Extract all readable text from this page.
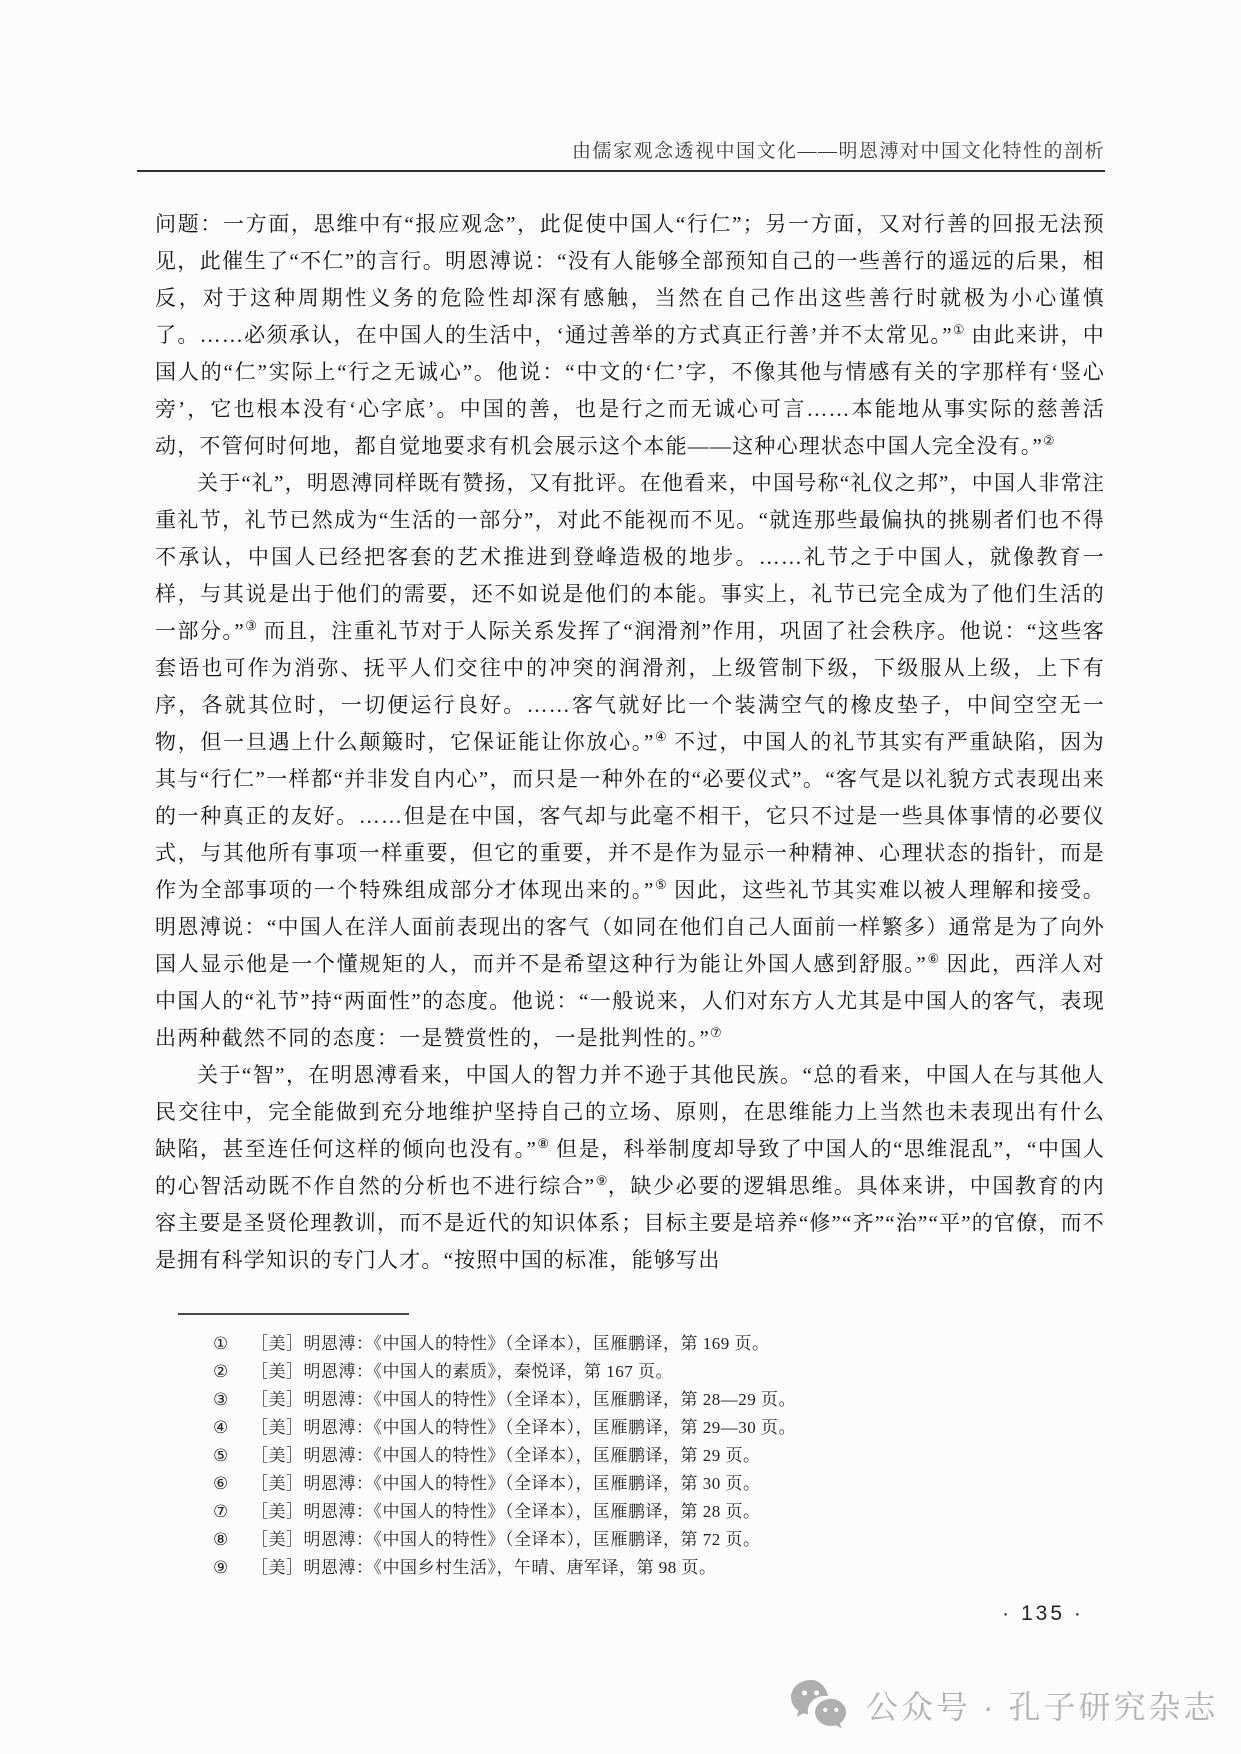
由儒家观念透视中国文化——明恩溥对中国文化特性的剖析

问题：一方面，思维中有“报应观念”，此促使中国人“行仁”；另一方面，又对行善的回报无法预见，此催生了“不仁”的言行。明恩溥说：“没有人能够全部预知自己的一些善行的遥远的后果，相反，对于这种周期性义务的危险性却深有感触，当然在自己作出这些善行时就极为小心谨慎了。……必须承认，在中国人的生活中，‘通过善举的方式真正行善’并不太常见。”① 由此来讲，中国人的“仁”实际上“行之无诚心”。他说：“中文的‘仁’字，不像其他与情感有关的字那样有‘竖心旁’，它也根本没有‘心字底’。中国的善，也是行之而无诚心可言……本能地从事实际的慈善活动，不管何时何地，都自觉地要求有机会展示这个本能——这种心理状态中国人完全没有。”②

关于“礼”，明恩溥同样既有赞扬，又有批评。在他看来，中国号称“礼仪之邦”，中国人非常注重礼节，礼节已然成为“生活的一部分”，对此不能视而不见。“就连那些最偏执的挑剔者们也不得不承认，中国人已经把客套的艺术推进到登峰造极的地步。……礼节之于中国人，就像教育一样，与其说是出于他们的需要，还不如说是他们的本能。事实上，礼节已完全成为了他们生活的一部分。”③ 而且，注重礼节对于人际关系发挥了“润滑剂”作用，巩固了社会秩序。他说：“这些客套语也可作为消弥、抚平人们交往中的冲突的润滑剂，上级管制下级，下级服从上级，上下有序，各就其位时，一切便运行良好。……客气就好比一个装满空气的橡皮垫子，中间空空无一物，但一旦遇上什么颠簸时，它保证能让你放心。”④ 不过，中国人的礼节其实有严重缺陷，因为其与“行仁”一样都“并非发自内心”，而只是一种外在的“必要仪式”。“客气是以礼貌方式表现出来的一种真正的友好。……但是在中国，客气却与此毫不相干，它只不过是一些具体事情的必要仪式，与其他所有事项一样重要，但它的重要，并不是作为显示一种精神、心理状态的指针，而是作为全部事项的一个特殊组成部分才体现出来的。”⑤ 因此，这些礼节其实难以被人理解和接受。明恩溥说：“中国人在洋人面前表现出的客气（如同在他们自己人面前一样繁多）通常是为了向外国人显示他是一个懂规矩的人，而并不是希望这种行为能让外国人感到舒服。”⑥ 因此，西洋人对中国人的“礼节”持“两面性”的态度。他说：“一般说来，人们对东方人尤其是中国人的客气，表现出两种截然不同的态度：一是赞赏性的，一是批判性的。”⑦

关于“智”，在明恩溥看来，中国人的智力并不逊于其他民族。“总的看来，中国人在与其他人民交往中，完全能做到充分地维护坚持自己的立场、原则，在思维能力上当然也未表现出有什么缺陷，甚至连任何这样的倾向也没有。”⑧ 但是，科举制度却导致了中国人的“思维混乱”，“中国人的心智活动既不作自然的分析也不进行综合”⑨，缺少必要的逻辑思维。具体来讲，中国教育的内容主要是圣贤伦理教训，而不是近代的知识体系；目标主要是培养“修”“齐”“治”“平”的官僚，而不是拥有科学知识的专门人才。“按照中国的标准，能够写出

① ［美］明恩溥：《中国人的特性》（全译本），匡雁鹏译，第 169 页。
② ［美］明恩溥：《中国人的素质》，秦悦译，第 167 页。
③ ［美］明恩溥：《中国人的特性》（全译本），匡雁鹏译，第 28—29 页。
④ ［美］明恩溥：《中国人的特性》（全译本），匡雁鹏译，第 29—30 页。
⑤ ［美］明恩溥：《中国人的特性》（全译本），匡雁鹏译，第 29 页。
⑥ ［美］明恩溥：《中国人的特性》（全译本），匡雁鹏译，第 30 页。
⑦ ［美］明恩溥：《中国人的特性》（全译本），匡雁鹏译，第 28 页。
⑧ ［美］明恩溥：《中国人的特性》（全译本），匡雁鹏译，第 72 页。
⑨ ［美］明恩溥：《中国乡村生活》，午晴、唐军译，第 98 页。
· 135 ·
公众号 · 孔子研究杂志
